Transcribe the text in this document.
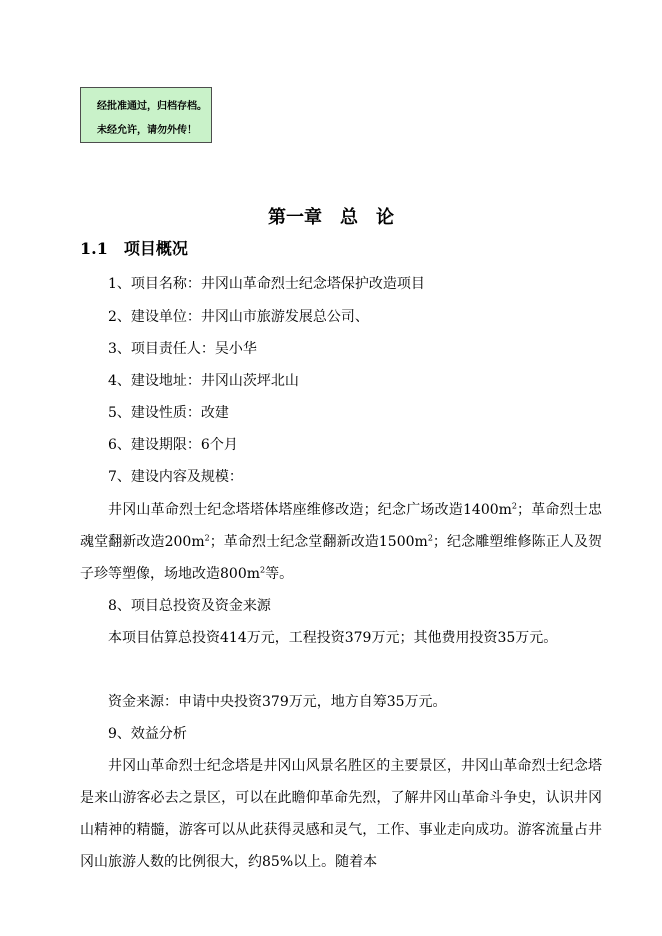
经批准通过，归档存档。
未经允许，请勿外传！
第一章　总　论
1.1　项目概况
1、项目名称：井冈山革命烈士纪念塔保护改造项目
2、建设单位：井冈山市旅游发展总公司、
3、项目责任人：吴小华
4、建设地址：井冈山茨坪北山
5、建设性质：改建
6、建设期限：6个月
7、建设内容及规模：
井冈山革命烈士纪念塔塔体塔座维修改造；纪念广场改造$1400m^2$；革命烈士忠魂堂翻新改造$200m^2$；革命烈士纪念堂翻新改造$1500m^2$；纪念雕塑维修陈正人及贺子珍等塑像，场地改造$800m^2$等。
8、项目总投资及资金来源
本项目估算总投资414万元，工程投资379万元；其他费用投资35万元。
资金来源：申请中央投资379万元，地方自筹35万元。
9、效益分析
井冈山革命烈士纪念塔是井冈山风景名胜区的主要景区，井冈山革命烈士纪念塔是来山游客必去之景区，可以在此瞻仰革命先烈，了解井冈山革命斗争史，认识井冈山精神的精髓，游客可以从此获得灵感和灵气，工作、事业走向成功。游客流量占井冈山旅游人数的比例很大，约85%以上。随着本
